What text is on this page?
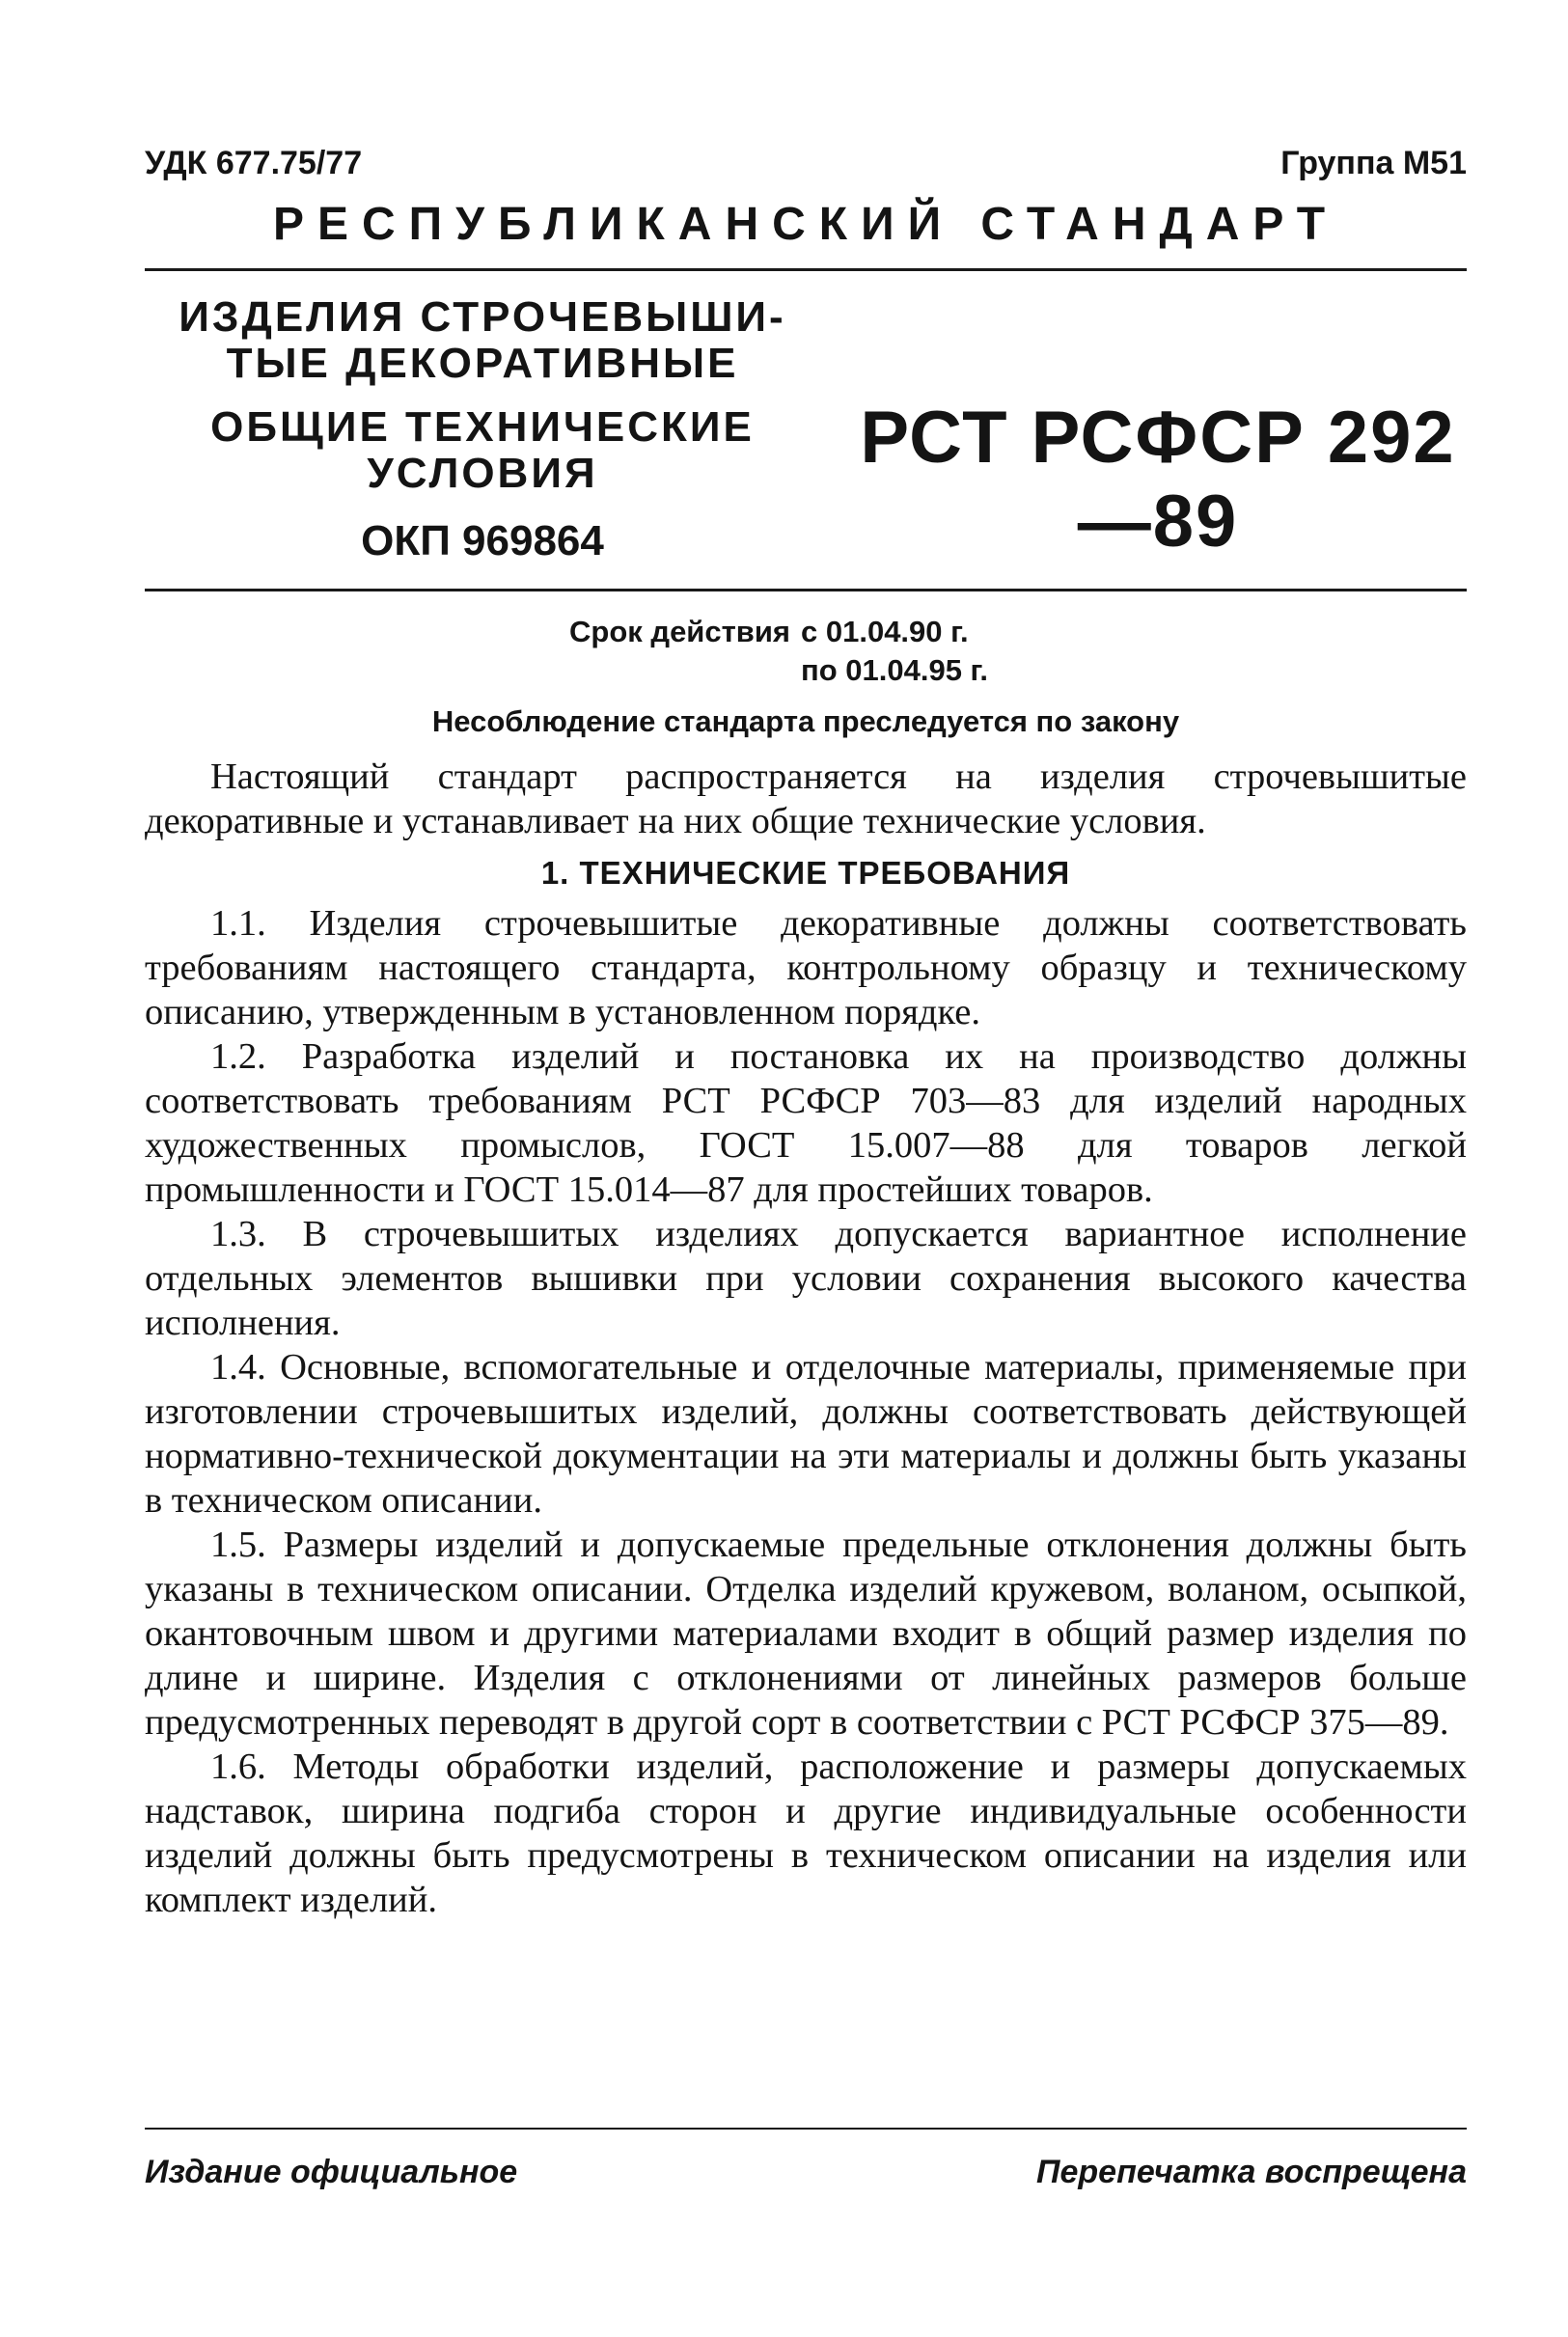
УДК 677.75/77	Группа М51
РЕСПУБЛИКАНСКИЙ СТАНДАРТ
ИЗДЕЛИЯ СТРОЧЕВЫШИ-
ТЫЕ ДЕКОРАТИВНЫЕ
ОБЩИЕ ТЕХНИЧЕСКИЕ
УСЛОВИЯ
ОКП 969864
РСТ РСФСР 292—89
Срок действия с 01.04.90 г.
по 01.04.95 г.
Несоблюдение стандарта преследуется по закону

Настоящий стандарт распространяется на изделия строчевышитые декоративные и устанавливает на них общие технические условия.

1. ТЕХНИЧЕСКИЕ ТРЕБОВАНИЯ

1.1. Изделия строчевышитые декоративные должны соответствовать требованиям настоящего стандарта, контрольному образцу и техническому описанию, утвержденным в установленном порядке.

1.2. Разработка изделий и постановка их на производство должны соответствовать требованиям РСТ РСФСР 703—83 для изделий народных художественных промыслов, ГОСТ 15.007—88 для товаров легкой промышленности и ГОСТ 15.014—87 для простейших товаров.

1.3. В строчевышитых изделиях допускается вариантное исполнение отдельных элементов вышивки при условии сохранения высокого качества исполнения.

1.4. Основные, вспомогательные и отделочные материалы, применяемые при изготовлении строчевышитых изделий, должны соответствовать действующей нормативно-технической документации на эти материалы и должны быть указаны в техническом описании.

1.5. Размеры изделий и допускаемые предельные отклонения должны быть указаны в техническом описании. Отделка изделий кружевом, воланом, осыпкой, окантовочным швом и другими материалами входит в общий размер изделия по длине и ширине. Изделия с отклонениями от линейных размеров больше предусмотренных переводят в другой сорт в соответствии с РСТ РСФСР 375—89.

1.6. Методы обработки изделий, расположение и размеры допускаемых надставок, ширина подгиба сторон и другие индивидуальные особенности изделий должны быть предусмотрены в техническом описании на изделия или комплект изделий.

Издание официальное	Перепечатка воспрещена
